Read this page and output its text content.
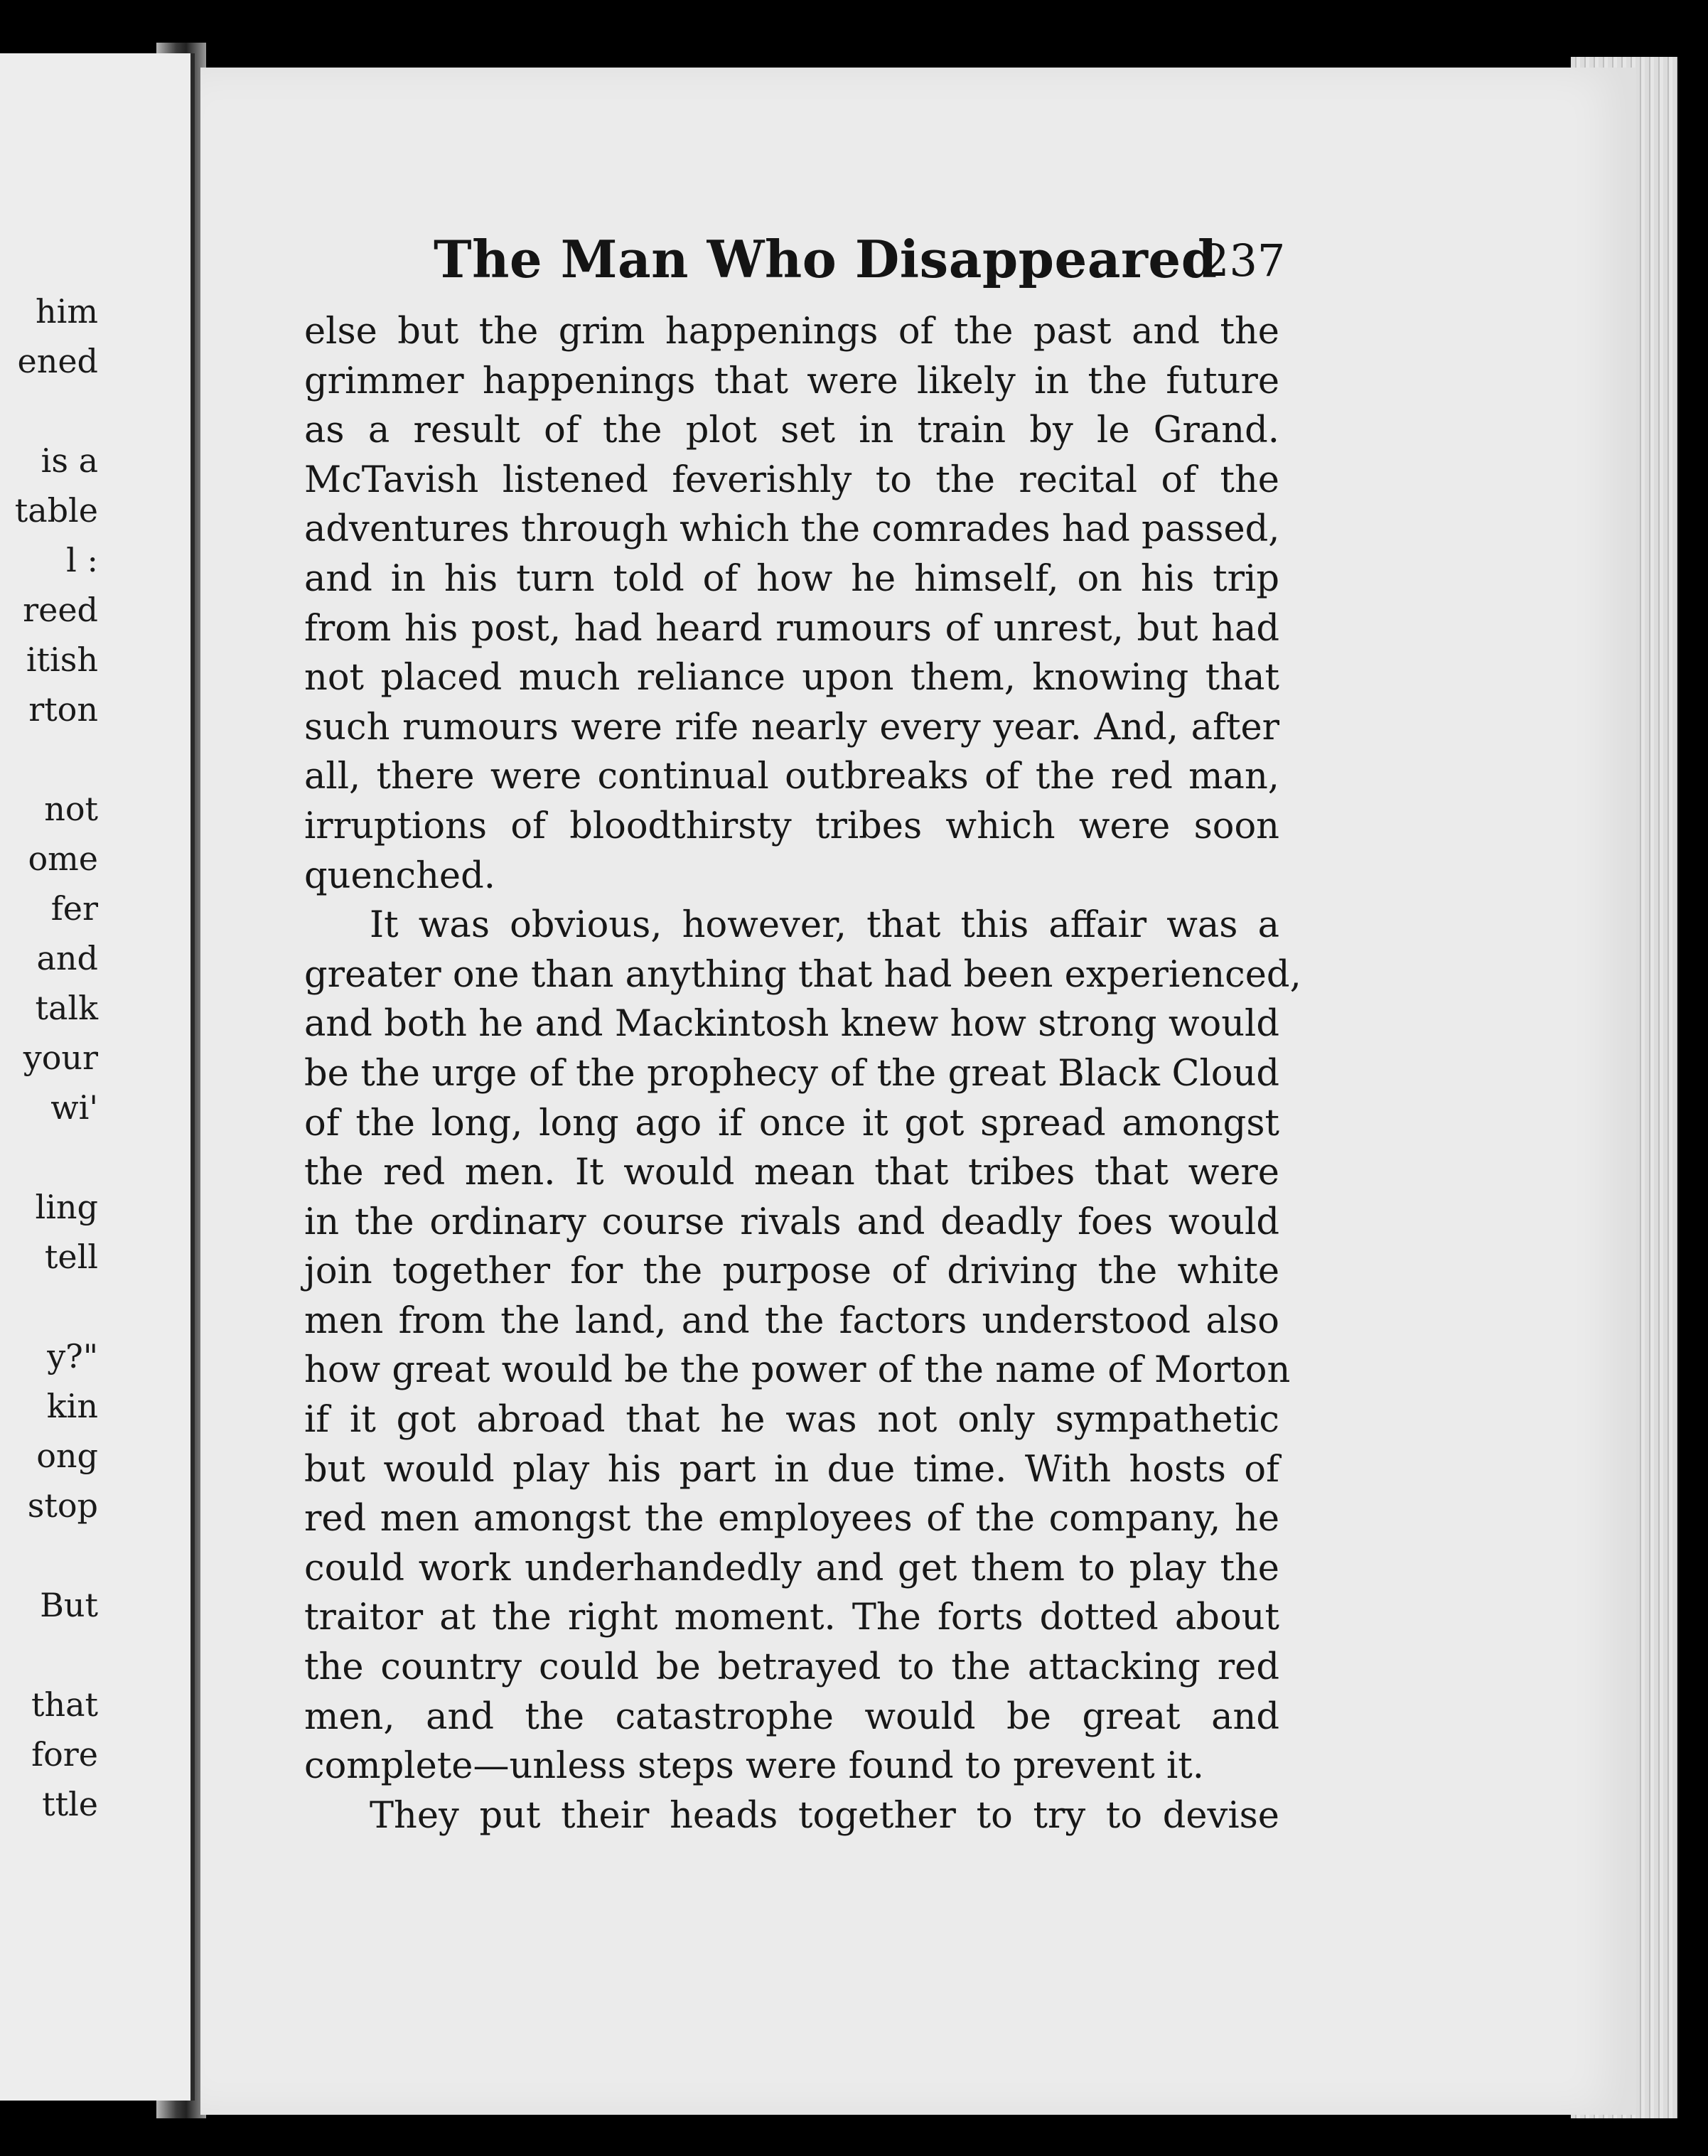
him
ened
is a
table
l :
reed
itish
rton
not
ome
fer
and
talk
your
wi'
ling
tell
y?"
kin
ong
stop
But
that
fore
ttle
The Man Who Disappeared
237
else but the grim happenings of the past and the
grimmer happenings that were likely in the future
as a result of the plot set in train by le Grand.
McTavish listened feverishly to the recital of the
adventures through which the comrades had passed,
and in his turn told of how he himself, on his trip
from his post, had heard rumours of unrest, but had
not placed much reliance upon them, knowing that
such rumours were rife nearly every year. And, after
all, there were continual outbreaks of the red man,
irruptions of bloodthirsty tribes which were soon
quenched.
It was obvious, however, that this affair was a
greater one than anything that had been experienced,
and both he and Mackintosh knew how strong would
be the urge of the prophecy of the great Black Cloud
of the long, long ago if once it got spread amongst
the red men. It would mean that tribes that were
in the ordinary course rivals and deadly foes would
join together for the purpose of driving the white
men from the land, and the factors understood also
how great would be the power of the name of Morton
if it got abroad that he was not only sympathetic
but would play his part in due time. With hosts of
red men amongst the employees of the company, he
could work underhandedly and get them to play the
traitor at the right moment. The forts dotted about
the country could be betrayed to the attacking red
men, and the catastrophe would be great and
complete—unless steps were found to prevent it.
They put their heads together to try to devise
